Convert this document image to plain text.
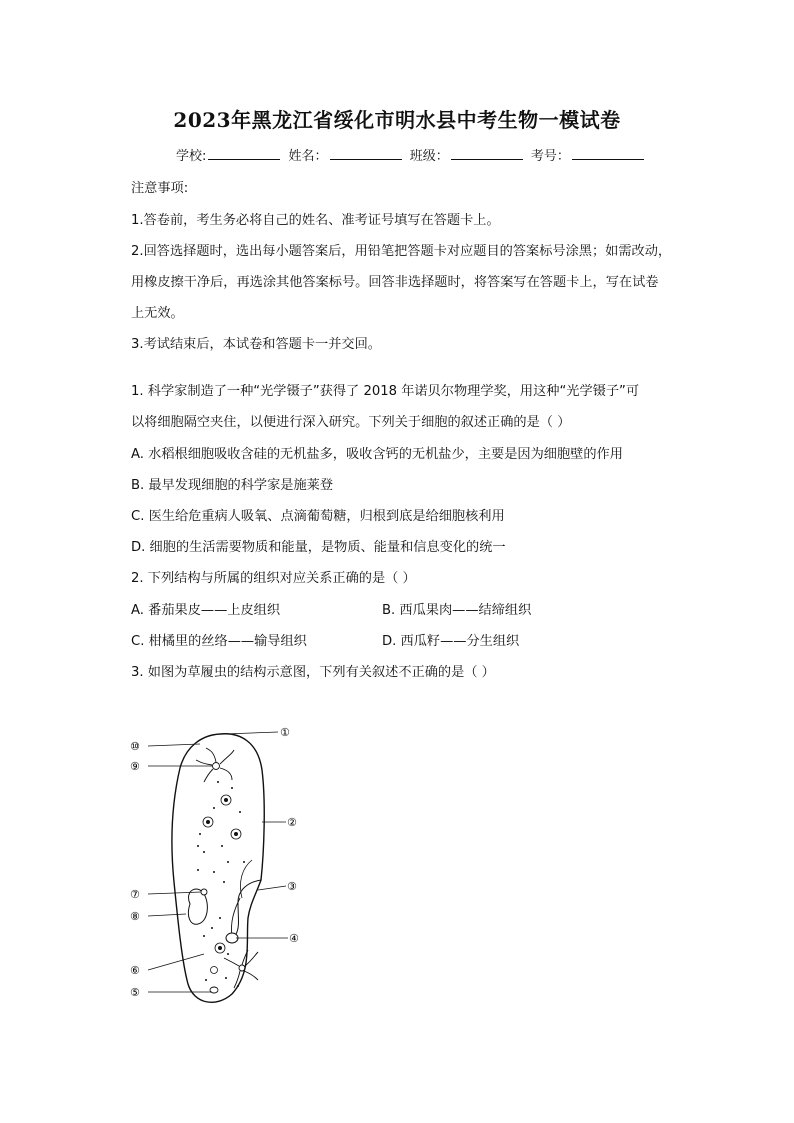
2023年黑龙江省绥化市明水县中考生物一模试卷
学校:	姓名：	班级：	考号：
注意事项:
1.答卷前，考生务必将自己的姓名、准考证号填写在答题卡上。
2.回答选择题时，选出每小题答案后，用铅笔把答题卡对应题目的答案标号涂黑；如需改动，
用橡皮擦干净后，再选涂其他答案标号。回答非选择题时，将答案写在答题卡上，写在试卷
上无效。
3.考试结束后，本试卷和答题卡一并交回。
1. 科学家制造了一种“光学镊子”获得了 2018 年诺贝尔物理学奖，用这种“光学镊子”可
以将细胞隔空夹住，以便进行深入研究。下列关于细胞的叙述正确的是（ ）
A. 水稻根细胞吸收含硅的无机盐多，吸收含钙的无机盐少，主要是因为细胞壁的作用
B. 最早发现细胞的科学家是施莱登
C. 医生给危重病人吸氧、点滴葡萄糖，归根到底是给细胞核利用
D. 细胞的生活需要物质和能量，是物质、能量和信息变化的统一
2. 下列结构与所属的组织对应关系正确的是（ ）
A. 番茄果皮——上皮组织	B. 西瓜果肉——结缔组织
C. 柑橘里的丝络——输导组织	D. 西瓜籽——分生组织
3. 如图为草履虫的结构示意图，下列有关叙述不正确的是（ ）
①
②
③
④
⑤
⑥
⑦
⑧
⑨
⑩
